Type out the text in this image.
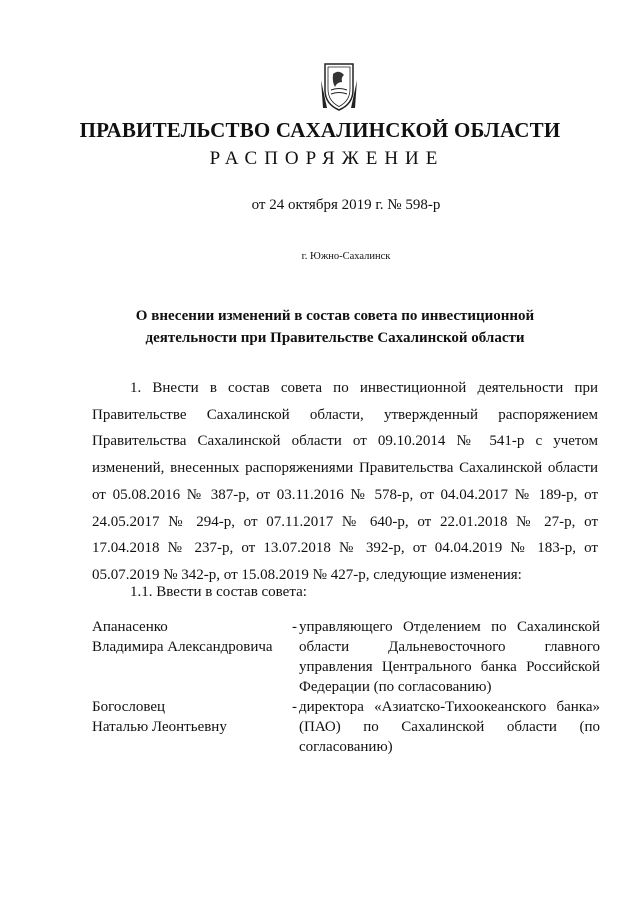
ПРАВИТЕЛЬСТВО САХАЛИНСКОЙ ОБЛАСТИ
РАСПОРЯЖЕНИЕ
от 24 октября 2019 г. № 598-р
г. Южно-Сахалинск
О внесении изменений в состав совета по инвестиционной
деятельности при Правительстве Сахалинской области

1. Внести в состав совета по инвестиционной деятельности при Правительстве Сахалинской области, утвержденный распоряжением Правительства Сахалинской области от 09.10.2014 № 541-р с учетом изменений, внесенных распоряжениями Правительства Сахалинской области от 05.08.2016 № 387-р, от 03.11.2016 № 578-р, от 04.04.2017 № 189-р, от 24.05.2017 № 294-р, от 07.11.2017 № 640-р, от 22.01.2018 № 27-р, от 17.04.2018 № 237-р, от 13.07.2018 № 392-р, от 04.04.2019 № 183-р, от 05.07.2019 № 342-р, от 15.08.2019 № 427-р, следующие изменения:

1.1. Ввести в состав совета:
Апанасенко
Владимира Александровича
- управляющего Отделением по Сахалинской области Дальневосточного главного управления Центрального банка Российской Федерации (по согласованию)
Богословец
Наталью Леонтьевну
- директора «Азиатско-Тихоокеанского банка» (ПАО) по Сахалинской области (по согласованию)
